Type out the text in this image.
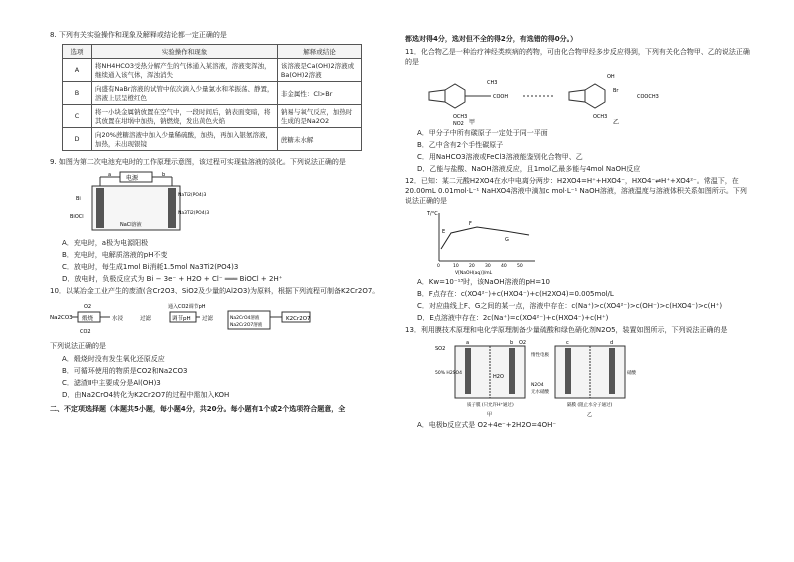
8. 下列有关实验操作和现象及解释或结论都一定正确的是

选项	实验操作和现象	解释或结论
A	将NH4HCO3受热分解产生的气体通入某溶液，溶液变浑浊，继续通入该气体，浑浊消失	该溶液是Ca(OH)2溶液或Ba(OH)2溶液
B	向盛有NaBr溶液的试管中依次滴入少量氯水和苯振荡、静置，溶液上层呈橙红色	非金属性：Cl>Br
C	将一小块金属钠放置在空气中，一段时间后，钠表面变暗，将其放置在坩埚中加热，钠燃烧，发出黄色火焰	钠易与氧气反应，加热时生成的是Na2O2
D	向20%蔗糖溶液中加入少量稀硫酸，加热，再加入银氨溶液，加热，未出现银镜	蔗糖未水解

9. 如图为第二次电池充电时的工作原理示意图，该过程可实现盐溶液的淡化。下列说法正确的是

电源
a	b
Bi
BiOCl
NaTi2(PO4)3
Na3Ti2(PO4)3
NaCl溶液

A．充电时，a极为电源阳极

B．充电时，电解质溶液的pH不变

C．放电时，每生成1mol Bi消耗1.5mol Na3Ti2(PO4)3

D．放电时，负极反应式为 Bi − 3e⁻ + H2O + Cl⁻ ═══ BiOCl + 2H⁺

10．以某冶金工业产生的废渣(含Cr2O3、SiO2及少量的Al2O3)为原料，根据下列流程可制备K2Cr2O7。

Na2CO3 煅烧
O2
CO2
水浸	过滤
通入CO2调节pH
调节pH 过滤	Na2CrO4溶液
Na2Cr2O7溶液
K2Cr2O7

下列说法正确的是

A．煅烧时没有发生氧化还原反应

B．可循环使用的物质是CO2和Na2CO3

C．滤渣Ⅱ中主要成分是Al(OH)3

D．由Na2CrO4转化为K2Cr2O7的过程中需加入KOH

二、不定项选择题（本题共5小题，每小题4分，共20分。每小题有1个或2个选项符合题意，全

都选对得4分，选对但不全的得2分，有选错的得0分。）

11．化合物乙是一种治疗神经类疾病的药物，可由化合物甲经多步反应得到，下列有关化合物甲、乙的说法正确的是

CH3
COOH
OCH3
NO2 甲
OH
Br
COOCH3
OCH3
乙

A．甲分子中所有碳原子一定处于同一平面

B．乙中含有2个手性碳原子

C．用NaHCO3溶液或FeCl3溶液能鉴别化合物甲、乙

D．乙能与盐酸、NaOH溶液反应，且1mol乙最多能与4mol NaOH反应

12．已知：某二元酸H2XO4在水中电离分两步：H2XO4=H⁺+HXO4⁻，HXO4⁻⇌H⁺+XO4²⁻。常温下，在20.00mL 0.01mol·L⁻¹ NaHXO4溶液中滴加c mol·L⁻¹ NaOH溶液，溶液温度与溶液体积关系如图所示。下列说法正确的是

T/°C
E
F
G
0	10 20 30 40 50
V[NaOH(aq)]/mL

A．Kw=10⁻¹³时，该NaOH溶液的pH=10

B．F点存在：c(XO4²⁻)+c(HXO4⁻)+c(H2XO4)=0.005mol/L

C．对应曲线上F、G之间的某一点，溶液中存在：c(Na⁺)>c(XO4²⁻)>c(OH⁻)>c(HXO4⁻)>c(H⁺)

D．E点溶液中存在：2c(Na⁺)=c(XO4²⁻)+c(HXO4⁻)+c(H⁺)

13．利用膜技术原理和电化学原理制备少量硫酸和绿色硝化剂N2O5，装置如图所示，下列说法正确的是

SO2
O2
50% H2SO4
H2O
惰性电极
N2O4
无水硝酸
硝酸
质子膜 (只允许H⁺通过)	隔膜 (阻止水分子通过)
甲	乙
a	b	c	d

A．电极b反应式是 O2+4e⁻+2H2O=4OH⁻
